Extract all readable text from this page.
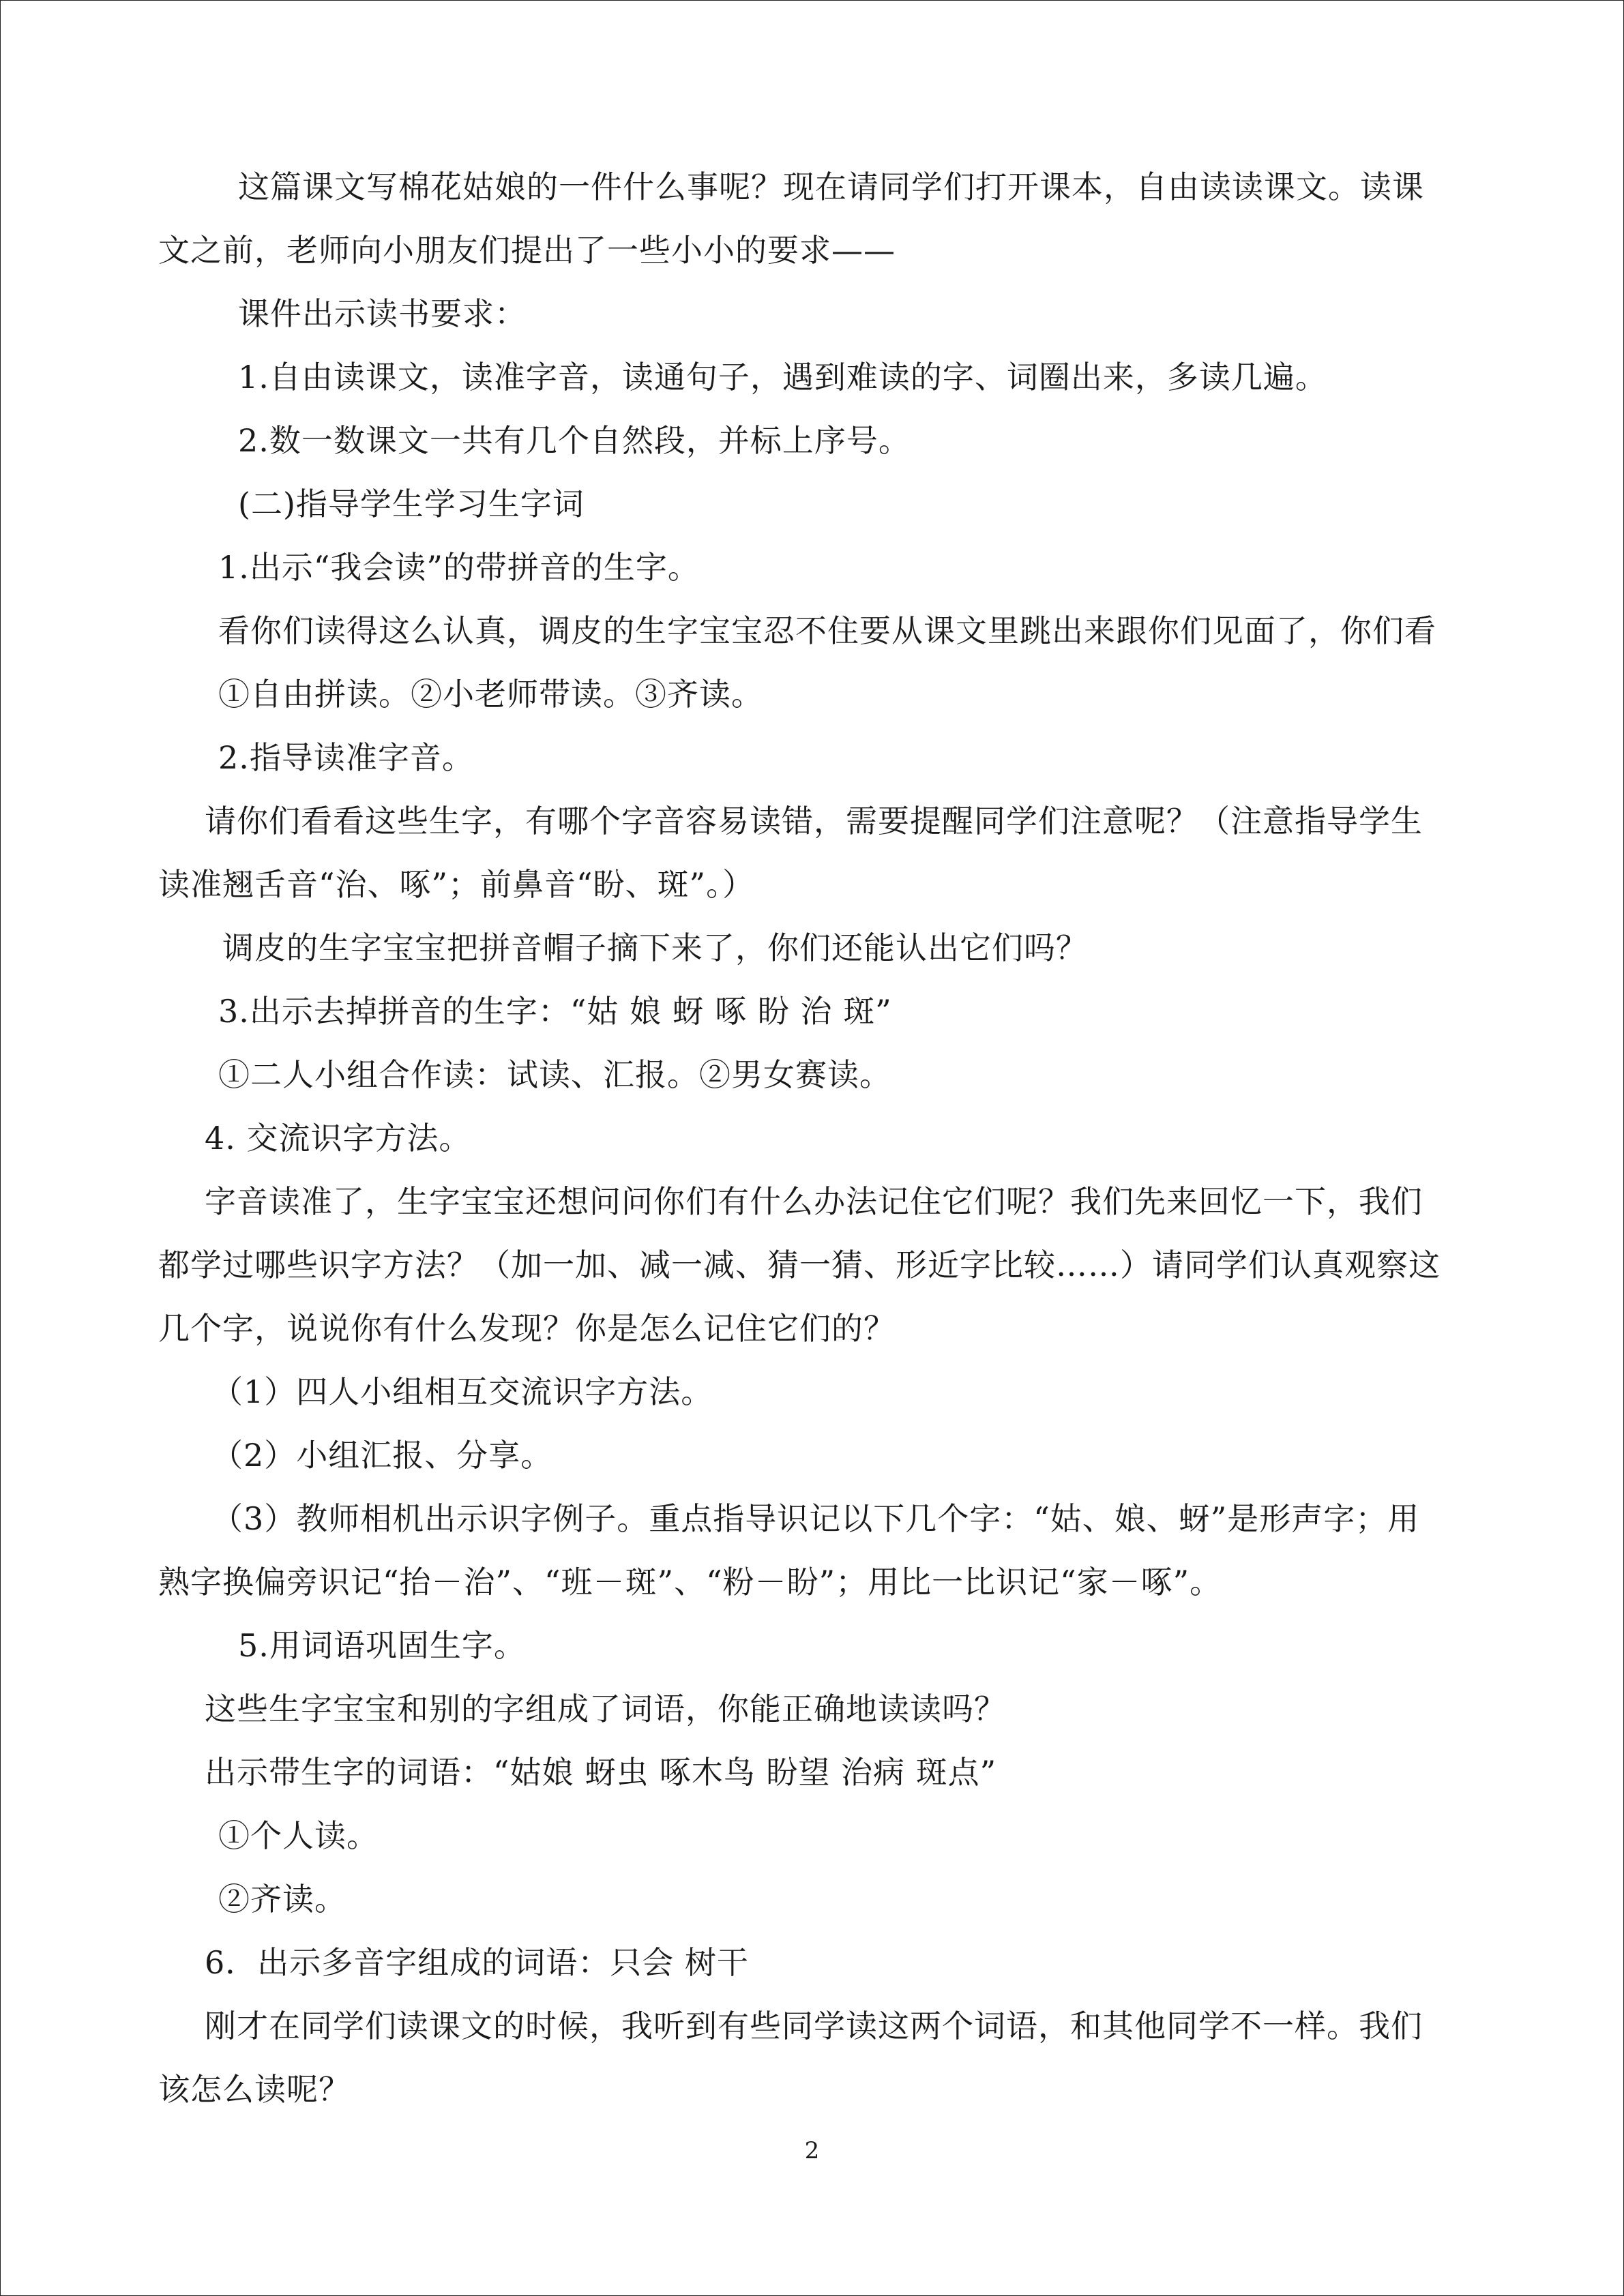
这篇课文写棉花姑娘的一件什么事呢？现在请同学们打开课本，自由读读课文。读课
文之前，老师向小朋友们提出了一些小小的要求——
课件出示读书要求：
1.自由读课文，读准字音，读通句子，遇到难读的字、词圈出来，多读几遍。
2.数一数课文一共有几个自然段，并标上序号。
(二)指导学生学习生字词
1.出示“我会读”的带拼音的生字。
看你们读得这么认真，调皮的生字宝宝忍不住要从课文里跳出来跟你们见面了，你们看
①自由拼读。②小老师带读。③齐读。
2.指导读准字音。
请你们看看这些生字，有哪个字音容易读错，需要提醒同学们注意呢？（注意指导学生
读准翘舌音“治、啄”；前鼻音“盼、斑”。）
调皮的生字宝宝把拼音帽子摘下来了，你们还能认出它们吗？
3.出示去掉拼音的生字：“姑 娘 蚜 啄 盼 治 斑”
①二人小组合作读：试读、汇报。②男女赛读。
4. 交流识字方法。
字音读准了，生字宝宝还想问问你们有什么办法记住它们呢？我们先来回忆一下，我们
都学过哪些识字方法？（加一加、减一减、猜一猜、形近字比较……）请同学们认真观察这
几个字，说说你有什么发现？你是怎么记住它们的？
（1）四人小组相互交流识字方法。
（2）小组汇报、分享。
（3）教师相机出示识字例子。重点指导识记以下几个字：“姑、娘、蚜”是形声字；用
熟字换偏旁识记“抬－治”、“班－斑”、“粉－盼”；用比一比识记“家－啄”。
5.用词语巩固生字。
这些生字宝宝和别的字组成了词语，你能正确地读读吗？
出示带生字的词语：“姑娘 蚜虫 啄木鸟 盼望 治病 斑点”
①个人读。
②齐读。
6．出示多音字组成的词语：只会 树干
刚才在同学们读课文的时候，我听到有些同学读这两个词语，和其他同学不一样。我们
该怎么读呢？
2
